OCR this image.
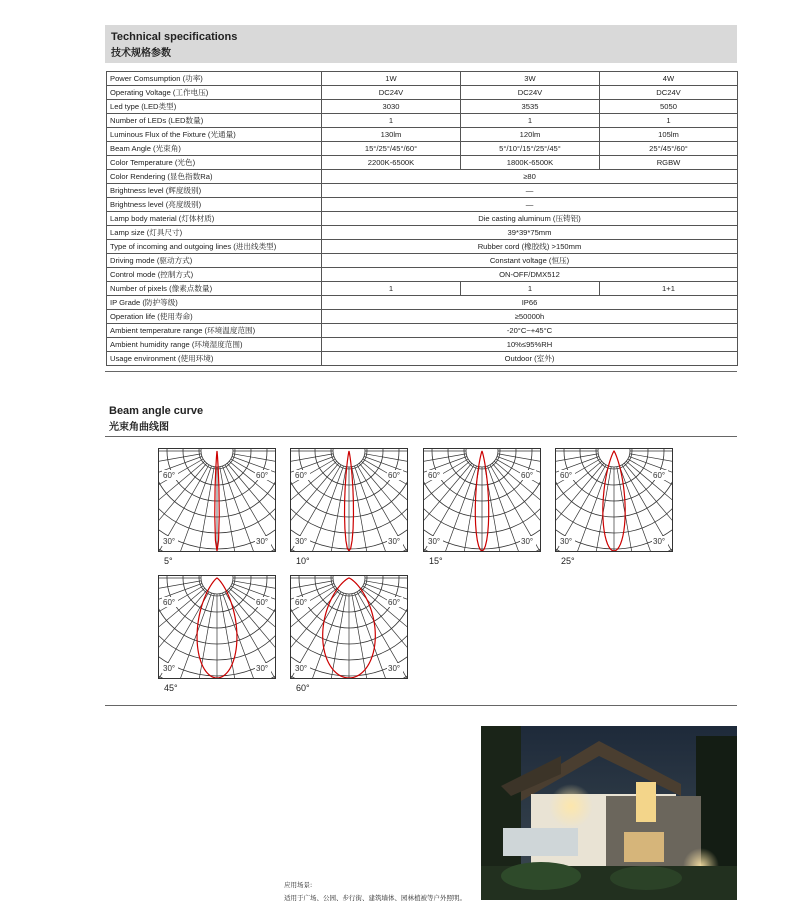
Technical specifications
技术规格参数
Power Comsumption (功率)	1W	3W	4W
Operating Voltage (工作电压)	DC24V	DC24V	DC24V
Led type (LED类型)	3030	3535	5050
Number of LEDs (LED数量)	1	1	1
Luminous Flux of the Fixture (光通量)	130lm	120lm	105lm
Beam Angle (光束角)	15°/25°/45°/60°	5°/10°/15°/25°/45°	25°/45°/60°
Color Temperature (光色)	2200K-6500K	1800K-6500K	RGBW
Color Rendering (显色指数Ra)	≥80		
Brightness level (辉度级别)	—		
Brightness level (亮度级别)	—		
Lamp body material (灯体材质)	Die casting aluminum (压铸铝)		
Lamp size (灯具尺寸)	39*39*75mm		
Type of incoming and outgoing lines (进出线类型)	Rubber cord (橡胶线) >150mm		
Driving mode (驱动方式)	Constant voltage (恒压)		
Control mode (控制方式)	ON-OFF/DMX512		
Number of pixels (像素点数量)	1	1	1+1
IP Grade (防护等级)	IP66		
Operation life (使用寿命)	≥50000h		
Ambient temperature range (环境温度范围)	-20°C~+45°C		
Ambient humidity range (环境湿度范围)	10%≤95%RH		
Usage environment (使用环境)	Outdoor (室外)		
Beam angle curve
光束角曲线图
60°	60°
30°	30°
5°
60°	60°
30°	30°
10°
60°	60°
30°	30°
15°
60°	60°
30°	30°
25°
60°	60°
30°	30°
45°
60°	60°
30°	30°
60°
应用场景:
适用于广场、公园、步行街、建筑墙体、园林植被等户外照明。
